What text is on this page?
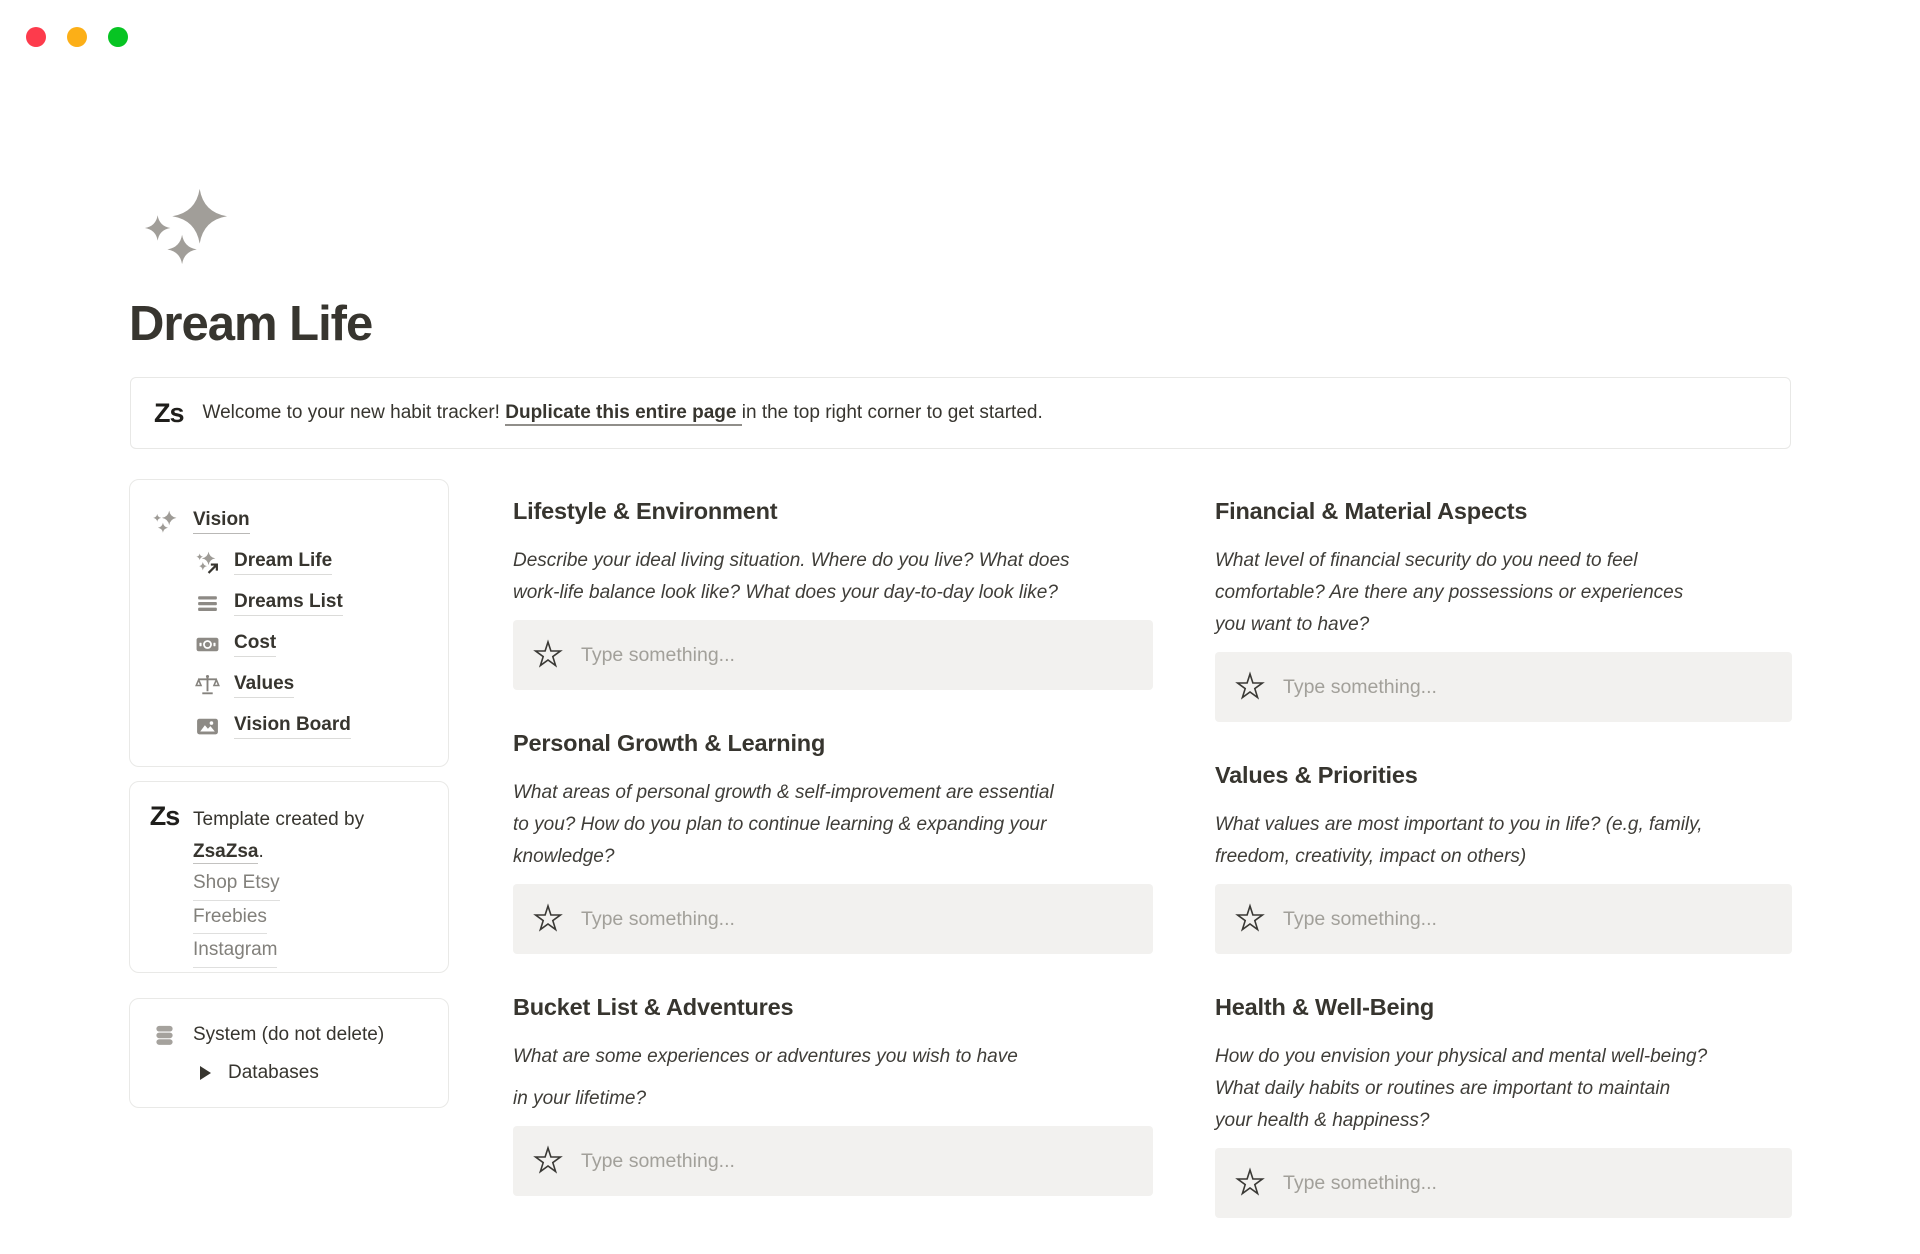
Dream Life
Zs Welcome to your new habit tracker! Duplicate this entire page in the top right corner to get started.

Vision
Dream Life
Dreams List
Cost
Values
Vision Board
Zs Template created by
ZsaZsa.
Shop Etsy
Freebies
Instagram
System (do not delete)
Databases
Lifestyle & Environment

Describe your ideal living situation. Where do you live? What does
work-life balance look like? What does your day-to-day look like?

Type something...
Personal Growth & Learning

What areas of personal growth & self-improvement are essential
to you? How do you plan to continue learning & expanding your
knowledge?

Type something...
Bucket List & Adventures

What are some experiences or adventures you wish to have
in your lifetime?

Type something...
Financial & Material Aspects

What level of financial security do you need to feel
comfortable? Are there any possessions or experiences
you want to have?

Type something...
Values & Priorities

What values are most important to you in life? (e.g, family,
freedom, creativity, impact on others)

Type something...
Health & Well-Being

How do you envision your physical and mental well-being?
What daily habits or routines are important to maintain
your health & happiness?

Type something...
